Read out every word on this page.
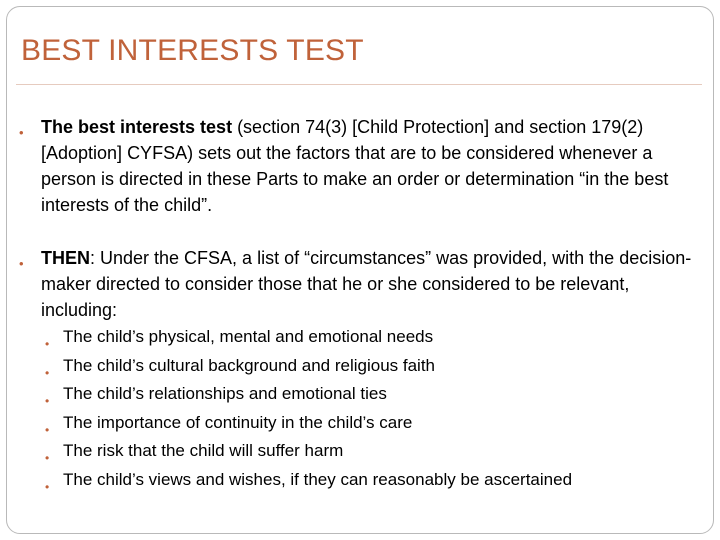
BEST INTERESTS TEST
• The best interests test (section 74(3) [Child Protection] and section 179(2) [Adoption] CYFSA) sets out the factors that are to be considered whenever a person is directed in these Parts to make an order or determination “in the best interests of the child”.
• THEN: Under the CFSA, a list of “circumstances” was provided, with the decision-maker directed to consider those that he or she considered to be relevant, including:
• The child’s physical, mental and emotional needs
• The child’s cultural background and religious faith
• The child’s relationships and emotional ties
• The importance of continuity in the child’s care
• The risk that the child will suffer harm
• The child’s views and wishes, if they can reasonably be ascertained
